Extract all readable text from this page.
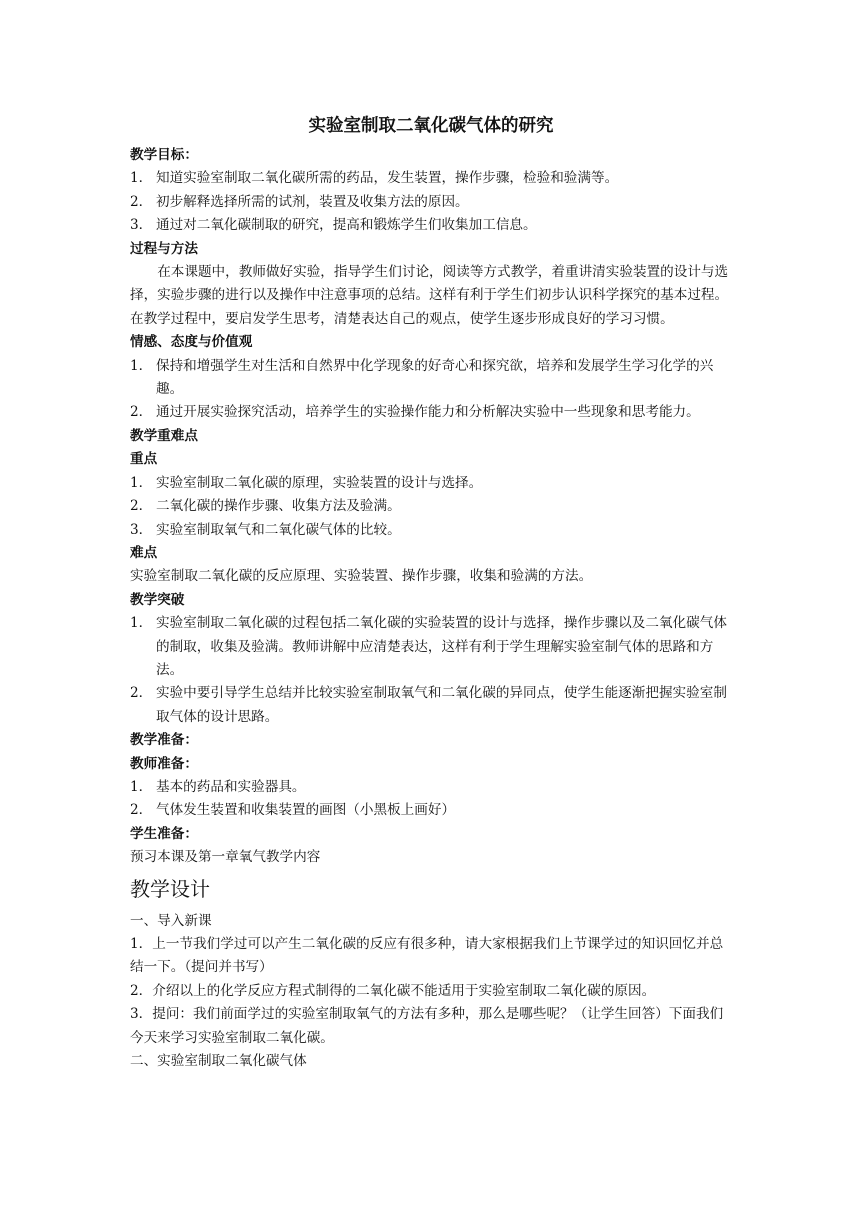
实验室制取二氧化碳气体的研究

教学目标：

1． 知道实验室制取二氧化碳所需的药品，发生装置，操作步骤，检验和验满等。
2． 初步解释选择所需的试剂，装置及收集方法的原因。
3． 通过对二氧化碳制取的研究，提高和锻炼学生们收集加工信息。

过程与方法

在本课题中，教师做好实验，指导学生们讨论，阅读等方式教学，着重讲清实验装置的设计与选择，实验步骤的进行以及操作中注意事项的总结。这样有利于学生们初步认识科学探究的基本过程。在教学过程中，要启发学生思考，清楚表达自己的观点，使学生逐步形成良好的学习习惯。

情感、态度与价值观

1． 保持和增强学生对生活和自然界中化学现象的好奇心和探究欲，培养和发展学生学习化学的兴趣。
2． 通过开展实验探究活动，培养学生的实验操作能力和分析解决实验中一些现象和思考能力。

教学重难点

重点

1． 实验室制取二氧化碳的原理，实验装置的设计与选择。
2． 二氧化碳的操作步骤、收集方法及验满。
3． 实验室制取氧气和二氧化碳气体的比较。

难点

实验室制取二氧化碳的反应原理、实验装置、操作步骤，收集和验满的方法。

教学突破

1． 实验室制取二氧化碳的过程包括二氧化碳的实验装置的设计与选择，操作步骤以及二氧化碳气体的制取，收集及验满。教师讲解中应清楚表达，这样有利于学生理解实验室制气体的思路和方法。
2． 实验中要引导学生总结并比较实验室制取氧气和二氧化碳的异同点，使学生能逐渐把握实验室制取气体的设计思路。

教学准备：

教师准备：

1． 基本的药品和实验器具。
2． 气体发生装置和收集装置的画图（小黑板上画好）

学生准备：

预习本课及第一章氧气教学内容

教学设计

一、导入新课

1．上一节我们学过可以产生二氧化碳的反应有很多种，请大家根据我们上节课学过的知识回忆并总结一下。（提问并书写）

2．介绍以上的化学反应方程式制得的二氧化碳不能适用于实验室制取二氧化碳的原因。

3．提问：我们前面学过的实验室制取氧气的方法有多种，那么是哪些呢？（让学生回答）下面我们今天来学习实验室制取二氧化碳。

二、实验室制取二氧化碳气体
